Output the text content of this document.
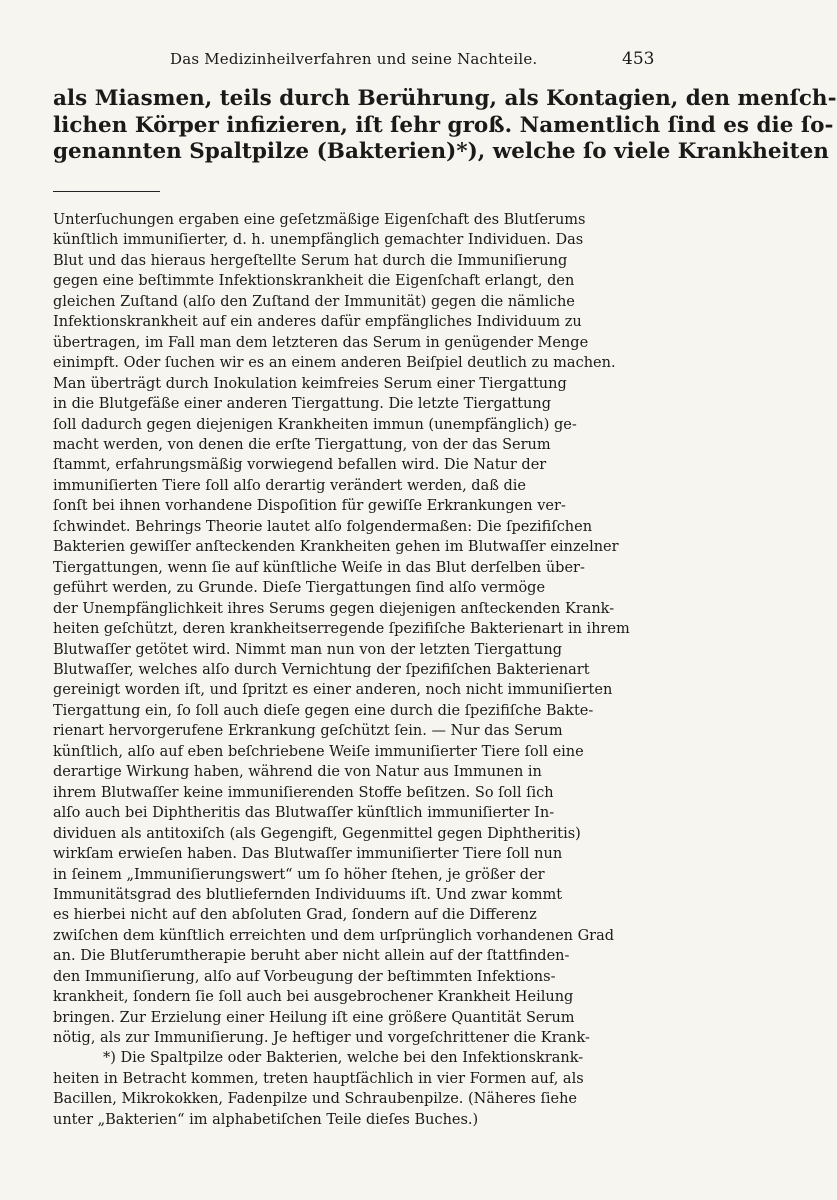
Das Medizinheilverfahren und seine Nachteile.	453
als Miasmen, teils durch Berührung, als Kontagien, den menſch-
lichen Körper infizieren, iſt ſehr groß. Namentlich ſind es die ſo-
genannten Spaltpilze (Bakterien)*), welche ſo viele Krankheiten
Unterſuchungen ergaben eine geſetzmäßige Eigenſchaft des Blutſerums
künſtlich immuniſierter, d. h. unempfänglich gemachter Individuen. Das
Blut und das hieraus hergeſtellte Serum hat durch die Immuniſierung
gegen eine beſtimmte Infektionskrankheit die Eigenſchaft erlangt, den
gleichen Zuſtand (alſo den Zuſtand der Immunität) gegen die nämliche
Infektionskrankheit auf ein anderes dafür empfängliches Individuum zu
übertragen, im Fall man dem letzteren das Serum in genügender Menge
einimpft. Oder ſuchen wir es an einem anderen Beiſpiel deutlich zu machen.
Man überträgt durch Inokulation keimfreies Serum einer Tiergattung
in die Blutgefäße einer anderen Tiergattung. Die letzte Tiergattung
ſoll dadurch gegen diejenigen Krankheiten immun (unempfänglich) ge-
macht werden, von denen die erſte Tiergattung, von der das Serum
ſtammt, erfahrungsmäßig vorwiegend befallen wird. Die Natur der
immuniſierten Tiere ſoll alſo derartig verändert werden, daß die
ſonſt bei ihnen vorhandene Dispoſition für gewiſſe Erkrankungen ver-
ſchwindet. Behrings Theorie lautet alſo folgendermaßen: Die ſpezifiſchen
Bakterien gewiſſer anſteckenden Krankheiten gehen im Blutwaſſer einzelner
Tiergattungen, wenn ſie auf künſtliche Weiſe in das Blut derſelben über-
geführt werden, zu Grunde. Dieſe Tiergattungen ſind alſo vermöge
der Unempfänglichkeit ihres Serums gegen diejenigen anſteckenden Krank-
heiten geſchützt, deren krankheitserregende ſpezifiſche Bakterienart in ihrem
Blutwaſſer getötet wird. Nimmt man nun von der letzten Tiergattung
Blutwaſſer, welches alſo durch Vernichtung der ſpezifiſchen Bakterienart
gereinigt worden iſt, und ſpritzt es einer anderen, noch nicht immuniſierten
Tiergattung ein, ſo ſoll auch dieſe gegen eine durch die ſpezifiſche Bakte-
rienart hervorgerufene Erkrankung geſchützt ſein. — Nur das Serum
künſtlich, alſo auf eben beſchriebene Weiſe immuniſierter Tiere ſoll eine
derartige Wirkung haben, während die von Natur aus Immunen in
ihrem Blutwaſſer keine immuniſierenden Stoffe beſitzen. So ſoll ſich
alſo auch bei Diphtheritis das Blutwaſſer künſtlich immuniſierter In-
dividuen als antitoxiſch (als Gegengift, Gegenmittel gegen Diphtheritis)
wirkſam erwieſen haben. Das Blutwaſſer immuniſierter Tiere ſoll nun
in ſeinem „Immuniſierungswert“ um ſo höher ſtehen, je größer der
Immunitätsgrad des blutliefernden Individuums iſt. Und zwar kommt
es hierbei nicht auf den abſoluten Grad, ſondern auf die Differenz
zwiſchen dem künſtlich erreichten und dem urſprünglich vorhandenen Grad
an. Die Blutſerumtherapie beruht aber nicht allein auf der ſtattfinden-
den Immuniſierung, alſo auf Vorbeugung der beſtimmten Infektions-
krankheit, ſondern ſie ſoll auch bei ausgebrochener Krankheit Heilung
bringen. Zur Erzielung einer Heilung iſt eine größere Quantität Serum
nötig, als zur Immuniſierung. Je heftiger und vorgeſchrittener die Krank-
*) Die Spaltpilze oder Bakterien, welche bei den Infektionskrank-
heiten in Betracht kommen, treten hauptſächlich in vier Formen auf, als
Bacillen, Mikrokokken, Fadenpilze und Schraubenpilze. (Näheres ſiehe
unter „Bakterien“ im alphabetiſchen Teile dieſes Buches.)
